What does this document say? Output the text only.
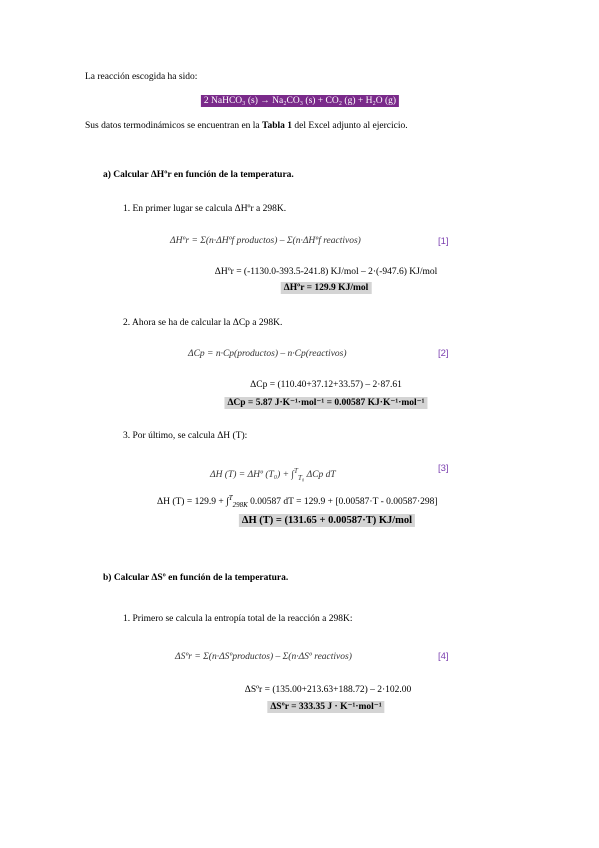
La reacción escogida ha sido:
2 NaHCO₃ (s) → Na₂CO₃ (s) + CO₂ (g) + H₂O (g)
Sus datos termodinámicos se encuentran en la Tabla 1 del Excel adjunto al ejercicio.
a) Calcular ΔHºr en función de la temperatura.
1. En primer lugar se calcula ΔHºr a 298K.
ΔHºr = Σ(n·ΔHºf productos) – Σ(n·ΔHºf reactivos)	[1]
ΔHºr = (-1130.0-393.5-241.8) KJ/mol – 2·(-947.6) KJ/mol
ΔHºr = 129.9 KJ/mol
2. Ahora se ha de calcular la ΔCp a 298K.
ΔCp = n·Cp(productos) – n·Cp(reactivos)	[2]
ΔCp = (110.40+37.12+33.57) – 2·87.61
ΔCp = 5.87 J·K⁻¹·mol⁻¹ = 0.00587 KJ·K⁻¹·mol⁻¹
3. Por último, se calcula ΔH (T):
ΔH (T) = ΔHº (T₀) + ∫$^T_{T_0}$ ΔCp dT
[3]
ΔH (T) = 129.9 + ∫$^T_{298K}$ 0.00587 dT = 129.9 + [0.00587·T - 0.00587·298]
ΔH (T) = (131.65 + 0.00587·T) KJ/mol
b) Calcular ΔSº en función de la temperatura.
1. Primero se calcula la entropía total de la reacción a 298K:
ΔSºr = Σ(n·ΔSºproductos) – Σ(n·ΔSº reactivos)	[4]
ΔSºr = (135.00+213.63+188.72) – 2·102.00
ΔSºr = 333.35 J · K⁻¹·mol⁻¹
